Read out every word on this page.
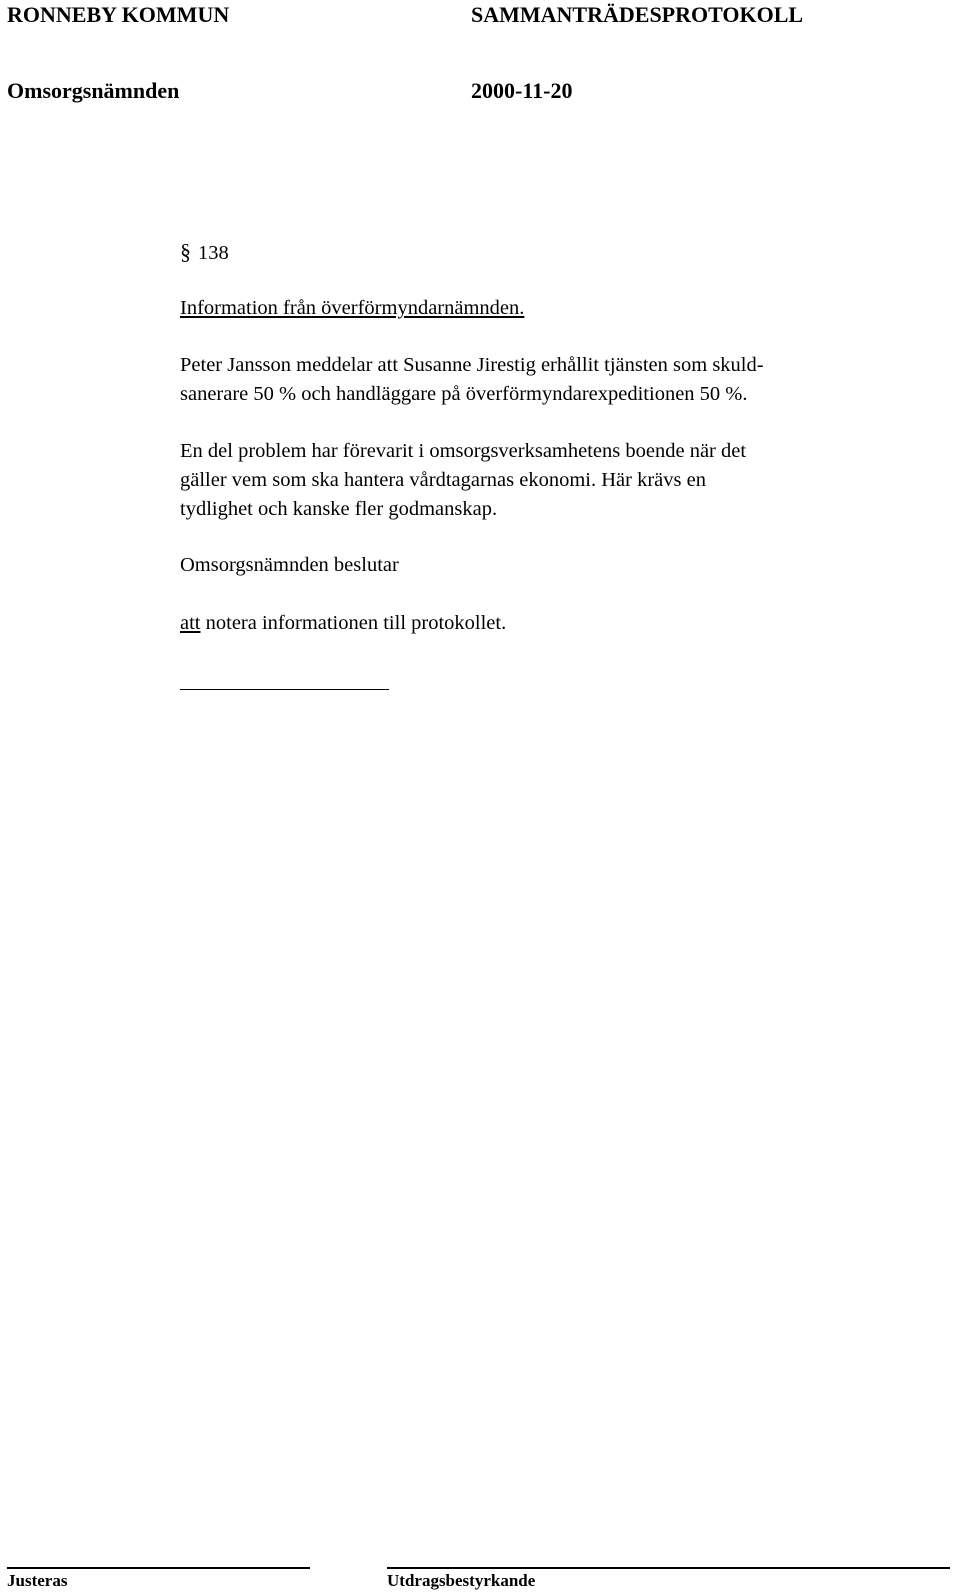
RONNEBY KOMMUN	SAMMANTRÄDESPROTOKOLL
Omsorgsnämnden	2000-11-20
§ 138
Information från överförmyndarnämnden.
Peter Jansson meddelar att Susanne Jirestig erhållit tjänsten som skuld-
sanerare 50 % och handläggare på överförmyndarexpeditionen 50 %.
En del problem har förevarit i omsorgsverksamhetens boende när det
gäller vem som ska hantera vårdtagarnas ekonomi. Här krävs en
tydlighet och kanske fler godmanskap.
Omsorgsnämnden beslutar
att notera informationen till protokollet.
Justeras	Utdragsbestyrkande
